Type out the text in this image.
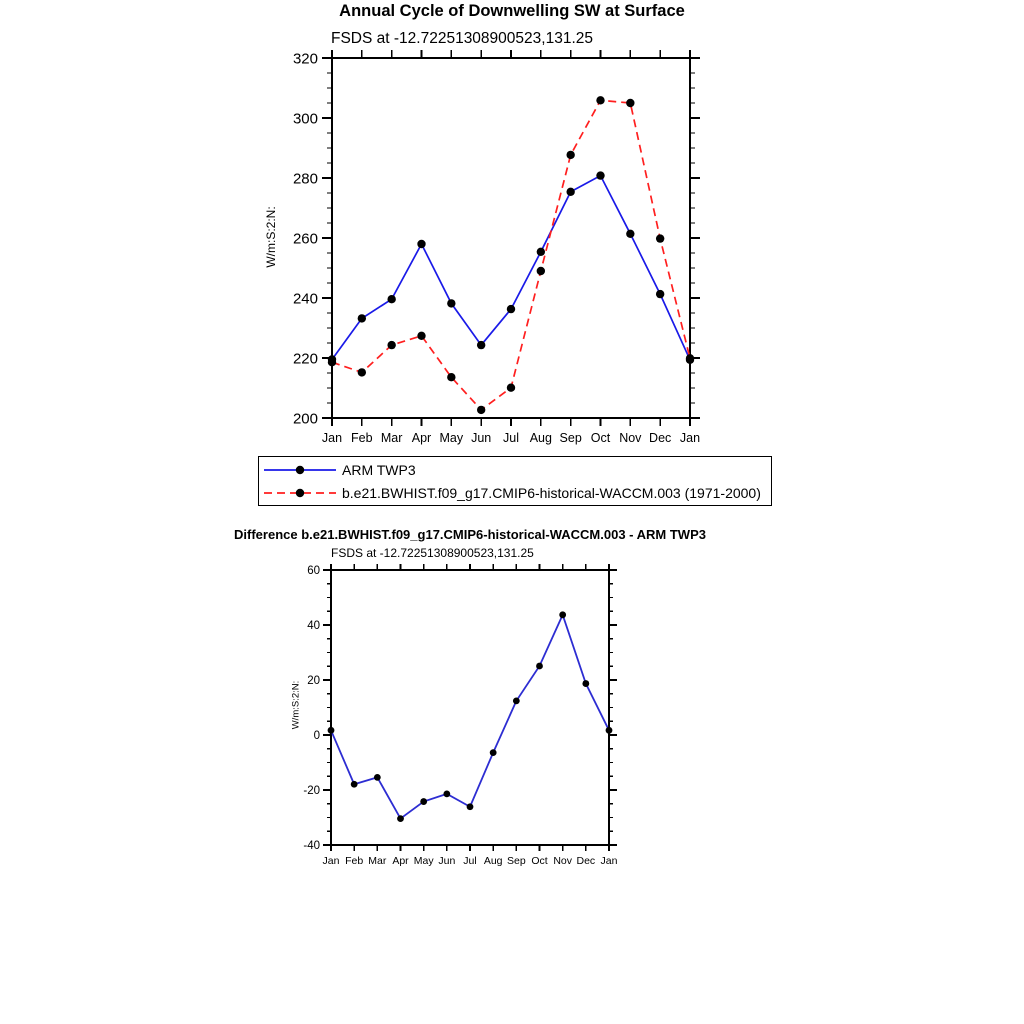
Annual Cycle of Downwelling SW at Surface
FSDS at -12.72251308900523,131.25
W/m:S:2:N:
Difference b.e21.BWHIST.f09_g17.CMIP6-historical-WACCM.003 - ARM TWP3
FSDS at -12.72251308900523,131.25
W/m:S:2:N:
200
220
240
260
280
300
320
Jan Feb Mar Apr May Jun Jul Aug Sep Oct Nov Dec Jan
-40
-20
0
20
40
60
Jan Feb Mar Apr May Jun Jul Aug Sep Oct Nov Dec Jan
ARM TWP3
b.e21.BWHIST.f09_g17.CMIP6-historical-WACCM.003 (1971-2000)
